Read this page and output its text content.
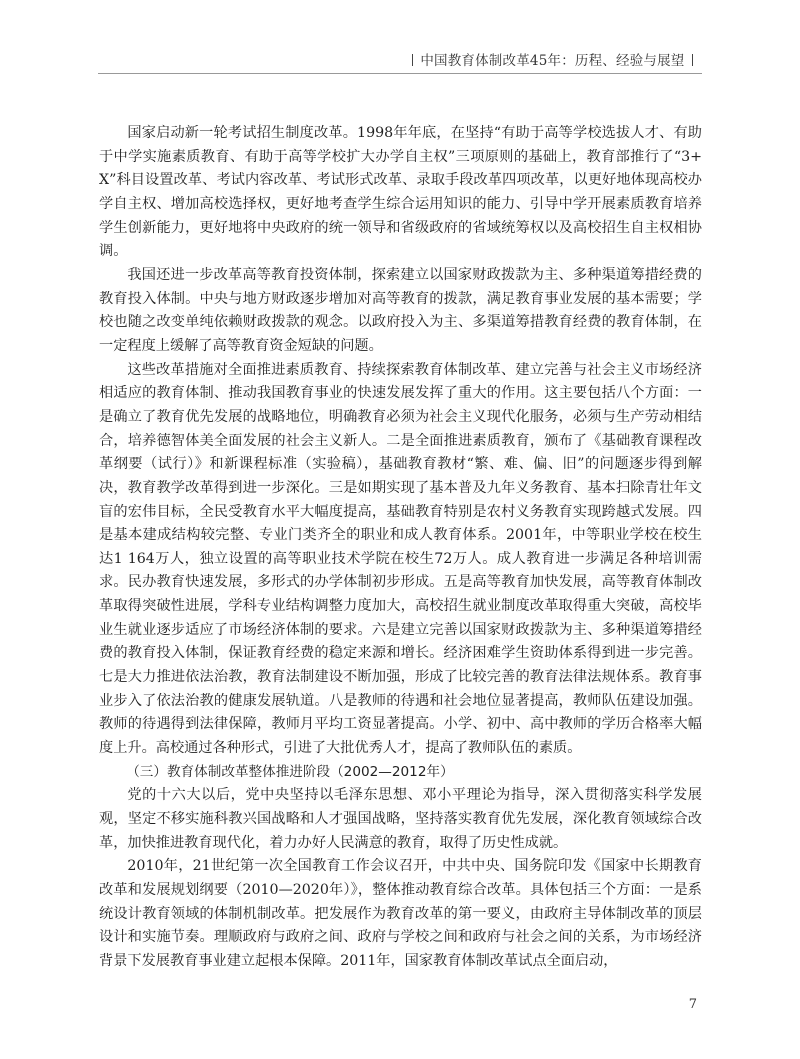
中国教育体制改革45年：历程、经验与展望

国家启动新一轮考试招生制度改革。1998年年底，在坚持“有助于高等学校选拔人才、有助于中学实施素质教育、有助于高等学校扩大办学自主权”三项原则的基础上，教育部推行了“3+X”科目设置改革、考试内容改革、考试形式改革、录取手段改革四项改革，以更好地体现高校办学自主权、增加高校选择权，更好地考查学生综合运用知识的能力、引导中学开展素质教育培养学生创新能力，更好地将中央政府的统一领导和省级政府的省域统筹权以及高校招生自主权相协调。

我国还进一步改革高等教育投资体制，探索建立以国家财政拨款为主、多种渠道筹措经费的教育投入体制。中央与地方财政逐步增加对高等教育的拨款，满足教育事业发展的基本需要；学校也随之改变单纯依赖财政拨款的观念。以政府投入为主、多渠道筹措教育经费的教育体制，在一定程度上缓解了高等教育资金短缺的问题。

这些改革措施对全面推进素质教育、持续探索教育体制改革、建立完善与社会主义市场经济相适应的教育体制、推动我国教育事业的快速发展发挥了重大的作用。这主要包括八个方面：一是确立了教育优先发展的战略地位，明确教育必须为社会主义现代化服务，必须与生产劳动相结合，培养德智体美全面发展的社会主义新人。二是全面推进素质教育，颁布了《基础教育课程改革纲要（试行）》和新课程标准（实验稿），基础教育教材“繁、难、偏、旧”的问题逐步得到解决，教育教学改革得到进一步深化。三是如期实现了基本普及九年义务教育、基本扫除青壮年文盲的宏伟目标，全民受教育水平大幅度提高，基础教育特别是农村义务教育实现跨越式发展。四是基本建成结构较完整、专业门类齐全的职业和成人教育体系。2001年，中等职业学校在校生达1 164万人，独立设置的高等职业技术学院在校生72万人。成人教育进一步满足各种培训需求。民办教育快速发展，多形式的办学体制初步形成。五是高等教育加快发展，高等教育体制改革取得突破性进展，学科专业结构调整力度加大，高校招生就业制度改革取得重大突破，高校毕业生就业逐步适应了市场经济体制的要求。六是建立完善以国家财政拨款为主、多种渠道筹措经费的教育投入体制，保证教育经费的稳定来源和增长。经济困难学生资助体系得到进一步完善。七是大力推进依法治教，教育法制建设不断加强，形成了比较完善的教育法律法规体系。教育事业步入了依法治教的健康发展轨道。八是教师的待遇和社会地位显著提高，教师队伍建设加强。教师的待遇得到法律保障，教师月平均工资显著提高。小学、初中、高中教师的学历合格率大幅度上升。高校通过各种形式，引进了大批优秀人才，提高了教师队伍的素质。

（三）教育体制改革整体推进阶段（2002—2012年）

党的十六大以后，党中央坚持以毛泽东思想、邓小平理论为指导，深入贯彻落实科学发展观，坚定不移实施科教兴国战略和人才强国战略，坚持落实教育优先发展，深化教育领域综合改革，加快推进教育现代化，着力办好人民满意的教育，取得了历史性成就。

2010年，21世纪第一次全国教育工作会议召开，中共中央、国务院印发《国家中长期教育改革和发展规划纲要（2010—2020年）》，整体推动教育综合改革。具体包括三个方面：一是系统设计教育领域的体制机制改革。把发展作为教育改革的第一要义，由政府主导体制改革的顶层设计和实施节奏。理顺政府与政府之间、政府与学校之间和政府与社会之间的关系，为市场经济背景下发展教育事业建立起根本保障。2011年，国家教育体制改革试点全面启动，

7
